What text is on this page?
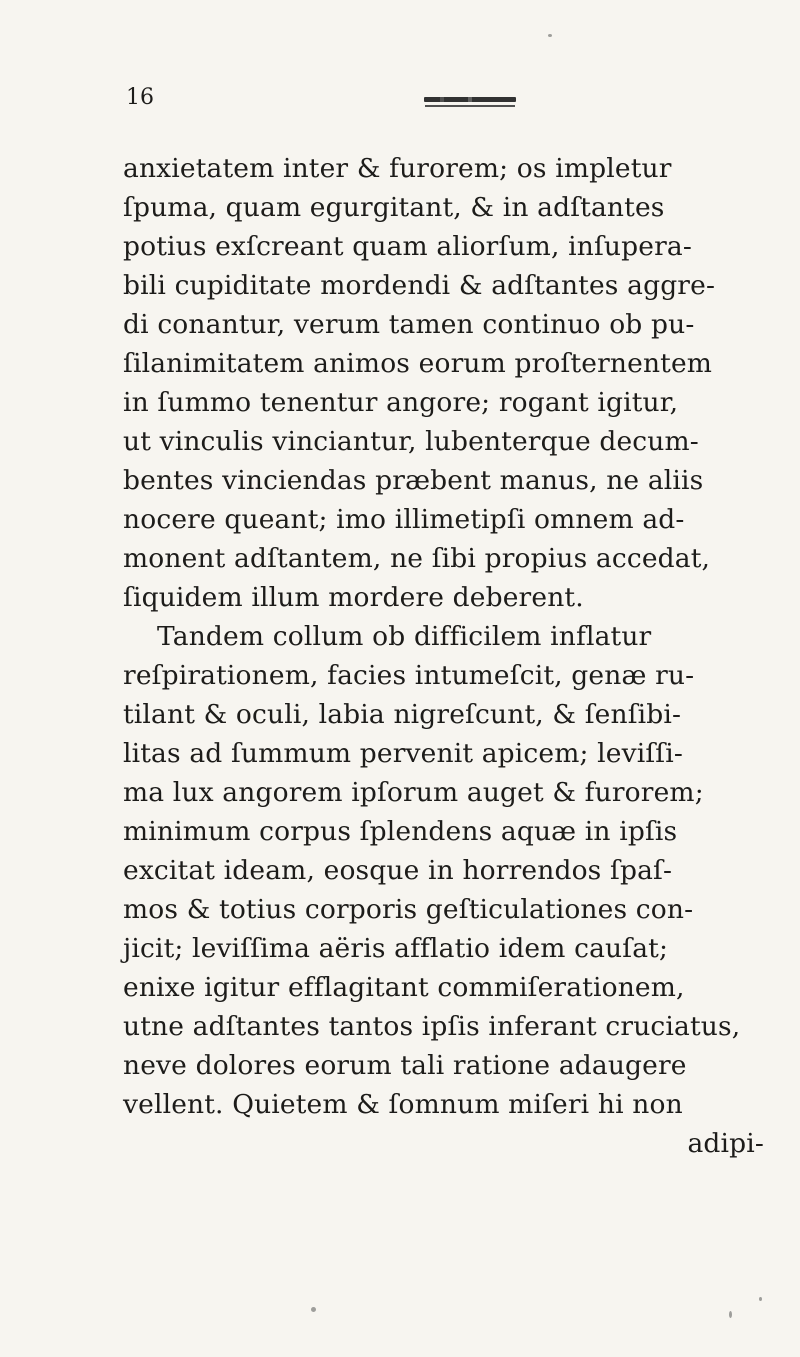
16
anxietatem inter & furorem; os impletur
ſpuma, quam egurgitant, & in adſtantes
potius exſcreant quam aliorſum, inſupera-
bili cupiditate mordendi & adſtantes aggre-
di conantur, verum tamen continuo ob pu-
ſilanimitatem animos eorum proſternentem
in ſummo tenentur angore; rogant igitur,
ut vinculis vinciantur, lubenterque decum-
bentes vinciendas præbent manus, ne aliis
nocere queant; imo illimetipſi omnem ad-
monent adſtantem, ne ſibi propius accedat,
ſiquidem illum mordere deberent.
Tandem collum ob difficilem inflatur
reſpirationem, facies intumeſcit, genæ ru-
tilant & oculi, labia nigreſcunt, & ſenſibi-
litas ad ſummum pervenit apicem; leviſſi-
ma lux angorem ipſorum auget & furorem;
minimum corpus ſplendens aquæ in ipſis
excitat ideam, eosque in horrendos ſpaſ-
mos & totius corporis geſticulationes con-
jicit; leviſſima aëris afflatio idem cauſat;
enixe igitur efflagitant commiſerationem,
utne adſtantes tantos ipſis inferant cruciatus,
neve dolores eorum tali ratione adaugere
vellent. Quietem & ſomnum miſeri hi non
adipi-
